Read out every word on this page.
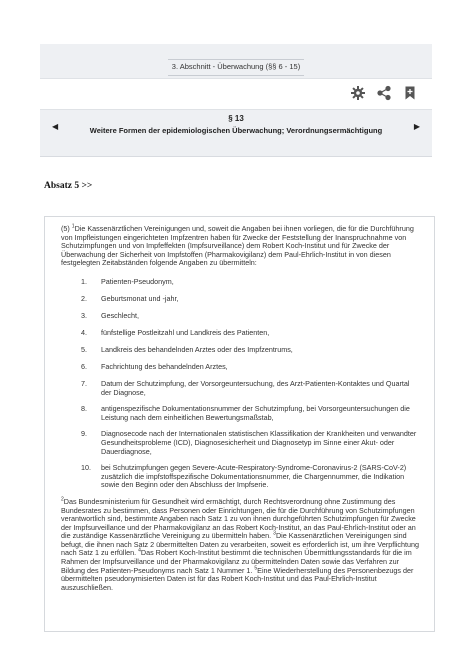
3. Abschnitt - Überwachung (§§ 6 - 15)
◀
§ 13
Weitere Formen der epidemiologischen Überwachung; Verordnungsermächtigung	▶
Absatz 5 >>

(5) $^1$Die Kassenärztlichen Vereinigungen und, soweit die Angaben bei ihnen vorliegen, die für die Durchführung von Impfleistungen eingerichteten Impfzentren haben für Zwecke der Feststellung der Inanspruchnahme von Schutzimpfungen und von Impfeffekten (Impfsurveillance) dem Robert Koch-Institut und für Zwecke der Überwachung der Sicherheit von Impfstoffen (Pharmakovigilanz) dem Paul-Ehrlich-Institut in von diesen festgelegten Zeitabständen folgende Angaben zu übermitteln:

1. Patienten-Pseudonym,
2. Geburtsmonat und -jahr,
3. Geschlecht,
4. fünfstellige Postleitzahl und Landkreis des Patienten,
5. Landkreis des behandelnden Arztes oder des Impfzentrums,
6. Fachrichtung des behandelnden Arztes,
7. Datum der Schutzimpfung, der Vorsorgeuntersuchung, des Arzt-Patienten-Kontaktes und Quartal der Diagnose,
8. antigenspezifische Dokumentationsnummer der Schutzimpfung, bei Vorsorgeuntersuchungen die Leistung nach dem einheitlichen Bewertungsmaßstab,
9. Diagnosecode nach der Internationalen statistischen Klassifikation der Krankheiten und verwandter Gesundheitsprobleme (ICD), Diagnosesicherheit und Diagnosetyp im Sinne einer Akut- oder Dauerdiagnose,
10. bei Schutzimpfungen gegen Severe-Acute-Respiratory-Syndrome-Coronavirus-2 (SARS-CoV-2) zusätzlich die impfstoffspezifische Dokumentationsnummer, die Chargennummer, die Indikation sowie den Beginn oder den Abschluss der Impfserie.

$^2$Das Bundesministerium für Gesundheit wird ermächtigt, durch Rechtsverordnung ohne Zustimmung des Bundesrates zu bestimmen, dass Personen oder Einrichtungen, die für die Durchführung von Schutzimpfungen verantwortlich sind, bestimmte Angaben nach Satz 1 zu von ihnen durchgeführten Schutzimpfungen für Zwecke der Impfsurveillance und der Pharmakovigilanz an das Robert Koch-Institut, an das Paul-Ehrlich-Institut oder an die zuständige Kassenärztliche Vereinigung zu übermitteln haben. $^3$Die Kassenärztlichen Vereinigungen sind befugt, die ihnen nach Satz 2 übermittelten Daten zu verarbeiten, soweit es erforderlich ist, um ihre Verpflichtung nach Satz 1 zu erfüllen. $^4$Das Robert Koch-Institut bestimmt die technischen Übermittlungsstandards für die im Rahmen der Impfsurveillance und der Pharmakovigilanz zu übermittelnden Daten sowie das Verfahren zur Bildung des Patienten-Pseudonyms nach Satz 1 Nummer 1. $^5$Eine Wiederherstellung des Personenbezugs der übermittelten pseudonymisierten Daten ist für das Robert Koch-Institut und das Paul-Ehrlich-Institut auszuschließen.
